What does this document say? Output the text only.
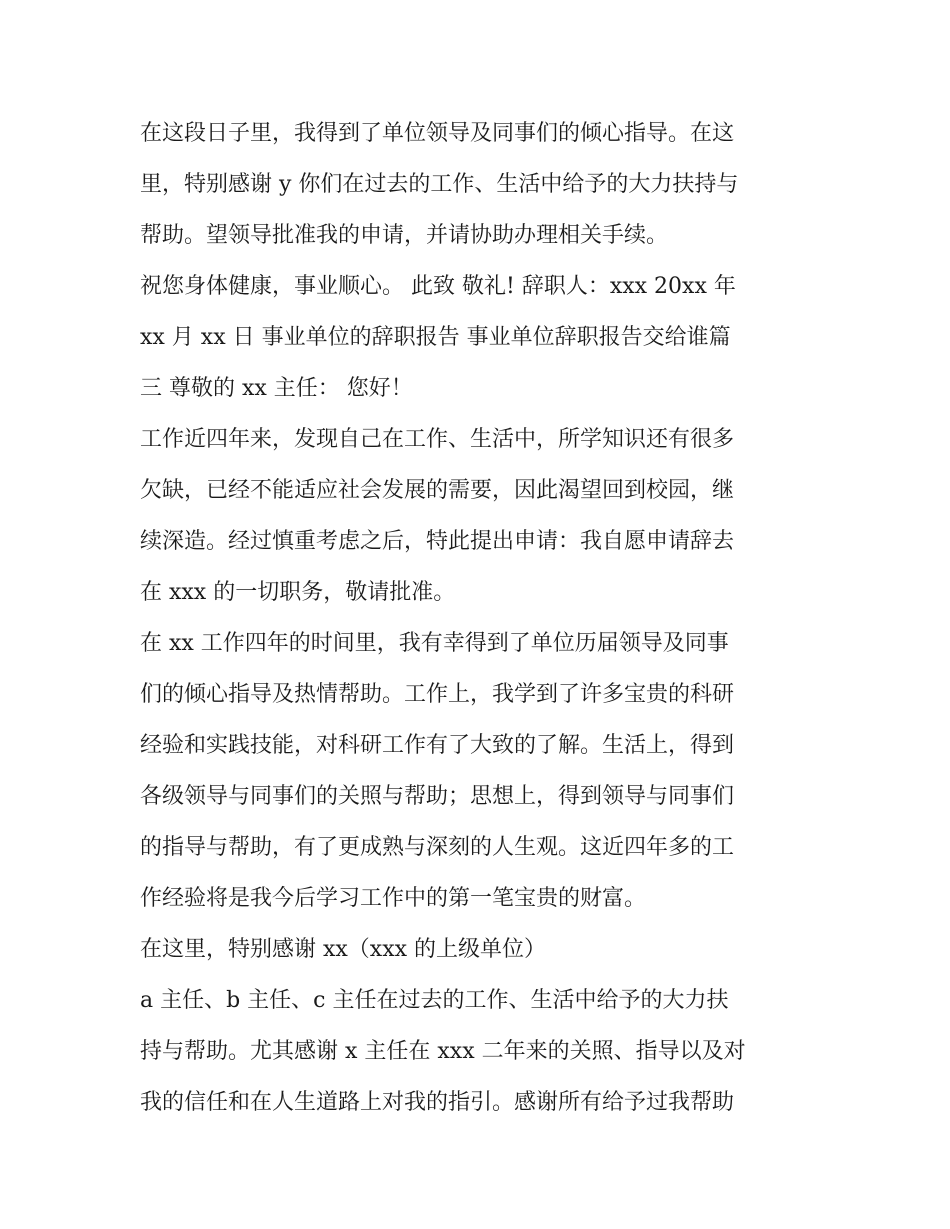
在这段日子里，我得到了单位领导及同事们的倾心指导。在这
里，特别感谢 y 你们在过去的工作、生活中给予的大力扶持与
帮助。望领导批准我的申请，并请协助办理相关手续。
祝您身体健康，事业顺心。 此致 敬礼! 辞职人：xxx 20xx 年
xx 月 xx 日 事业单位的辞职报告 事业单位辞职报告交给谁篇
三 尊敬的 xx 主任： 您好！
工作近四年来，发现自己在工作、生活中，所学知识还有很多
欠缺，已经不能适应社会发展的需要，因此渴望回到校园，继
续深造。经过慎重考虑之后，特此提出申请：我自愿申请辞去
在 xxx 的一切职务，敬请批准。
在 xx 工作四年的时间里，我有幸得到了单位历届领导及同事
们的倾心指导及热情帮助。工作上，我学到了许多宝贵的科研
经验和实践技能，对科研工作有了大致的了解。生活上，得到
各级领导与同事们的关照与帮助；思想上，得到领导与同事们
的指导与帮助，有了更成熟与深刻的人生观。这近四年多的工
作经验将是我今后学习工作中的第一笔宝贵的财富。
在这里，特别感谢 xx（xxx 的上级单位）
a 主任、b 主任、c 主任在过去的工作、生活中给予的大力扶
持与帮助。尤其感谢 x 主任在 xxx 二年来的关照、指导以及对
我的信任和在人生道路上对我的指引。感谢所有给予过我帮助
